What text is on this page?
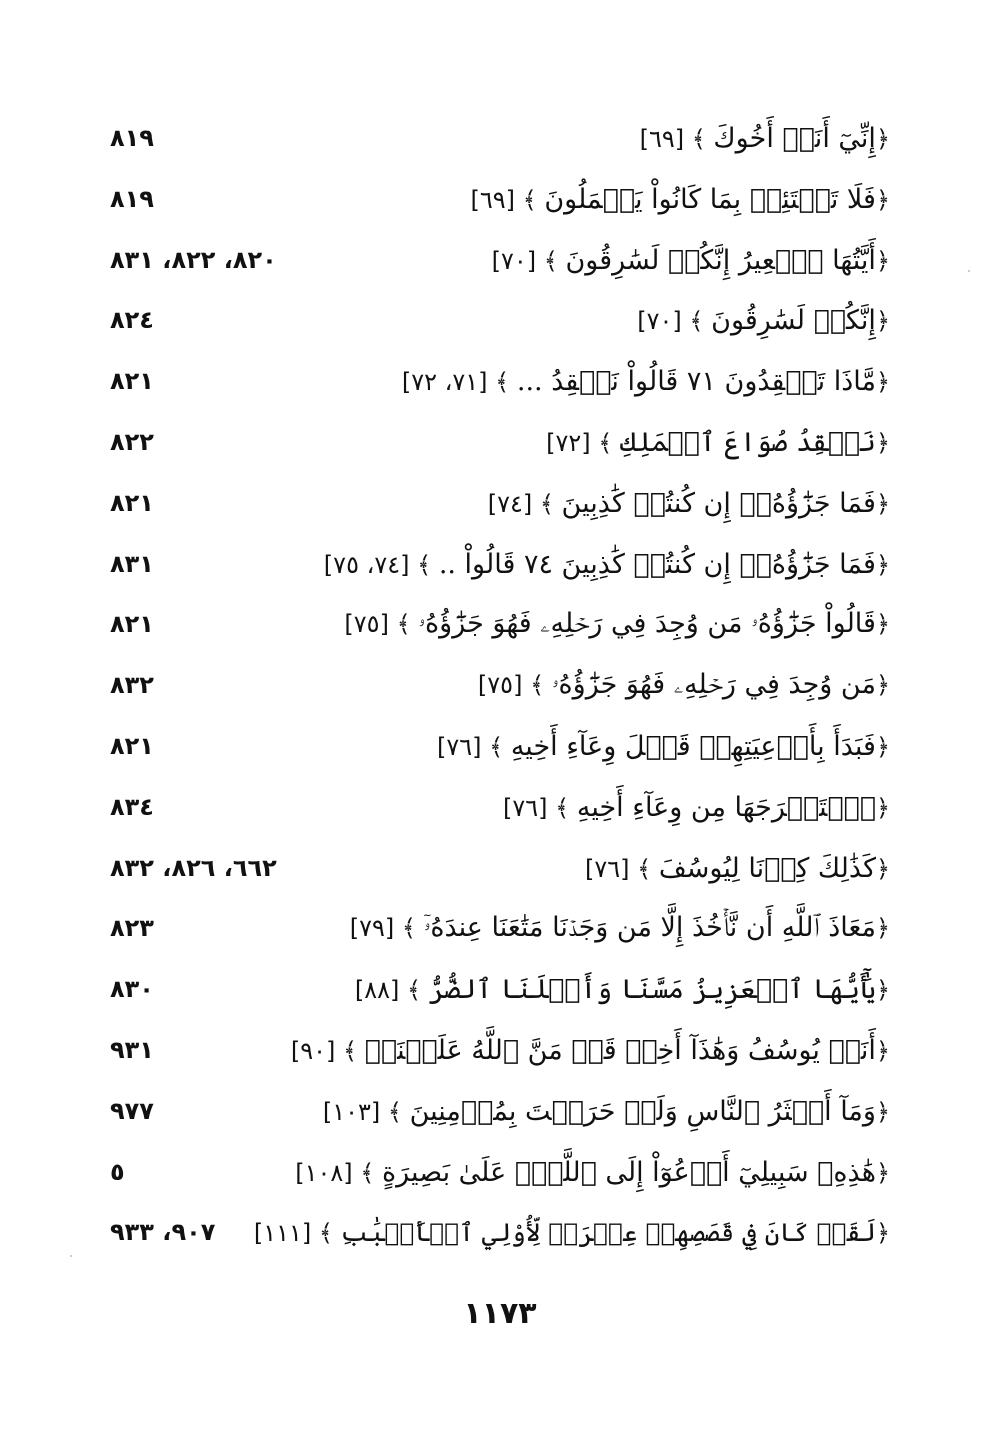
٨١٩	﴿إِنِّيٓ أَنَا۠ أَخُوكَ ﴾ [٦٩]
٨١٩	﴿فَلَا تَبۡتَئِسۡ بِمَا كَانُواْ يَعۡمَلُونَ ﴾ [٦٩]
٨٢٠، ٨٢٢، ٨٣١	﴿أَيَّتُهَا ٱلۡعِيرُ إِنَّكُمۡ لَسَٰرِقُونَ ﴾ [٧٠]
٨٢٤	﴿إِنَّكُمۡ لَسَٰرِقُونَ ﴾ [٧٠]
٨٢١	﴿مَّاذَا تَفۡقِدُونَ ٧١ قَالُواْ نَفۡقِدُ ... ﴾ [٧١، ٧٢]
٨٢٢	﴿نَفۡقِدُ صُوَاعَ ٱلۡمَلِكِ ﴾ [٧٢]
٨٢١	﴿فَمَا جَزَٰٓؤُهُۥٓ إِن كُنتُمۡ كَٰذِبِينَ ﴾ [٧٤]
٨٣١	﴿فَمَا جَزَٰٓؤُهُۥٓ إِن كُنتُمۡ كَٰذِبِينَ ٧٤ قَالُواْ .. ﴾ [٧٤، ٧٥]
٨٢١	﴿قَالُواْ جَزَٰٓؤُهُۥ مَن وُجِدَ فِي رَحۡلِهِۦ فَهُوَ جَزَٰٓؤُهُۥ ﴾ [٧٥]
٨٣٢	﴿مَن وُجِدَ فِي رَحۡلِهِۦ فَهُوَ جَزَٰٓؤُهُۥ ﴾ [٧٥]
٨٢١	﴿فَبَدَأَ بِأَوۡعِيَتِهِمۡ قَبۡلَ وِعَآءِ أَخِيهِ ﴾ [٧٦]
٨٣٤	﴿ٱسۡتَخۡرَجَهَا مِن وِعَآءِ أَخِيهِ ﴾ [٧٦]
٦٦٢، ٨٢٦، ٨٣٢	﴿كَذَٰلِكَ كِدۡنَا لِيُوسُفَ ﴾ [٧٦]
٨٢٣	﴿مَعَاذَ ٱللَّهِ أَن نَّأۡخُذَ إِلَّا مَن وَجَدۡنَا مَتَٰعَنَا عِندَهُۥٓ ﴾ [٧٩]
٨٣٠	﴿يَٰٓأَيُّهَا ٱلۡعَزِيزُ مَسَّنَا وَأَهۡلَنَا ٱلضُّرُّ ﴾ [٨٨]
٩٣١	﴿أَنَا۠ يُوسُفُ وَهَٰذَآ أَخِيۖ قَدۡ مَنَّ ٱللَّهُ عَلَيۡنَآۖ ﴾ [٩٠]
٩٧٧	﴿وَمَآ أَكۡثَرُ ٱلنَّاسِ وَلَوۡ حَرَصۡتَ بِمُؤۡمِنِينَ ﴾ [١٠٣]
٥	﴿هَٰذِهِۦ سَبِيلِيٓ أَدۡعُوٓاْ إِلَى ٱللَّهِۚ عَلَىٰ بَصِيرَةٍ ﴾ [١٠٨]
٩٠٧، ٩٣٣	﴿لَقَدۡ كَانَ فِي قَصَصِهِمۡ عِبۡرَةٞ لِّأُوْلِي ٱلۡأَلۡبَٰبِ ﴾ [١١١]
١١٧٣
